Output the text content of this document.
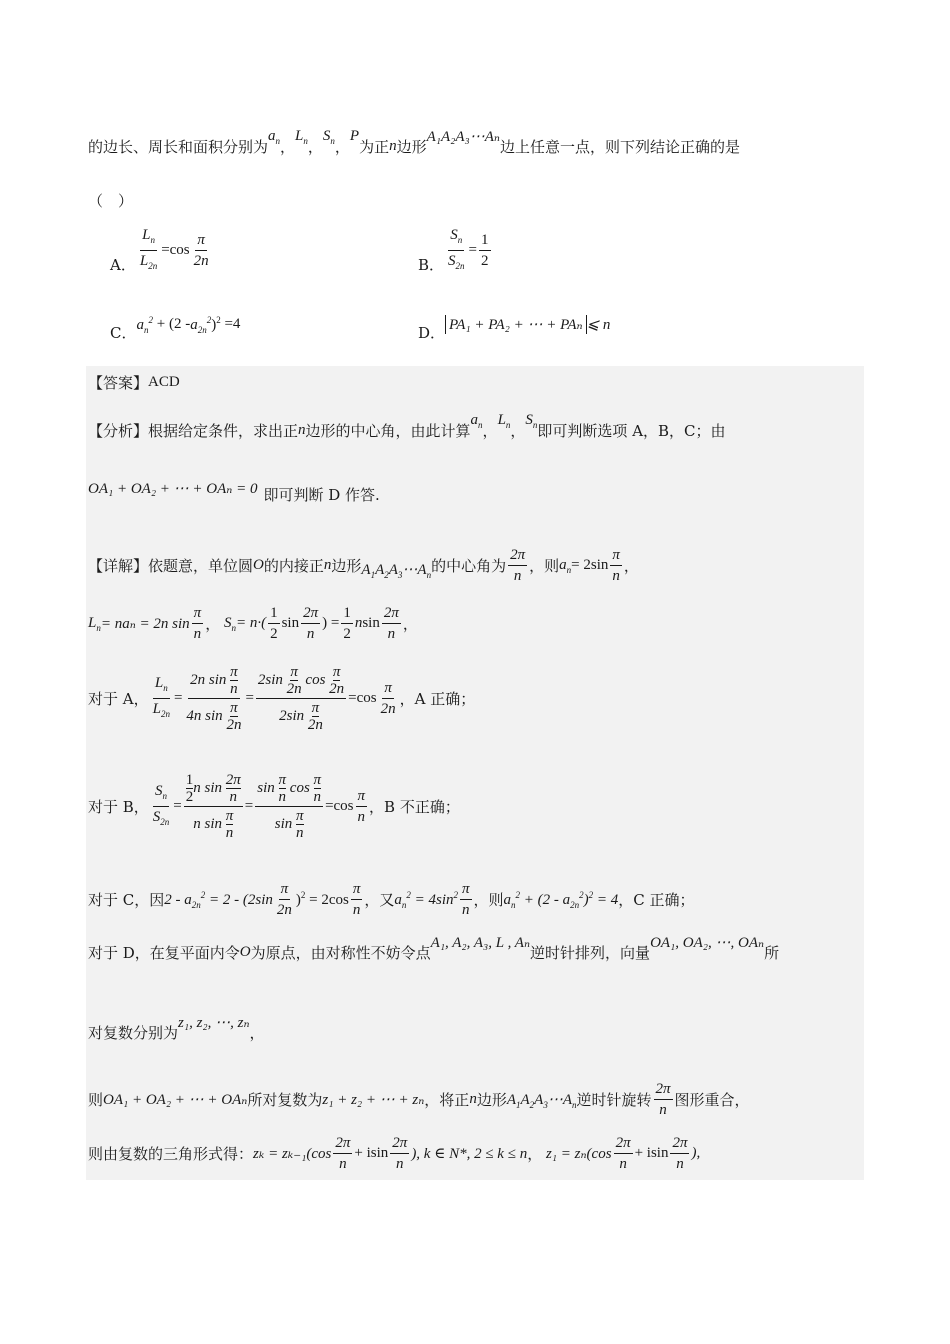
的边长、周长和面积分别为
$a_n$ ，
$L_n$ ，
$S_n$ ，
P
为正 n 边形
A₁A₂A₃⋯Aₙ
边上任意一点，则下列结论正确的是
（　）
A． $\frac{L_n}{L_{2n}} =\cos \frac{\pi}{2n}$	B． $\frac{S_n}{S_{2n}} = \frac{1}{2}$
C． $a_n^2 + (2 - a_{2n}^2$ )$^2$ =4	D． PA₁ + PA₂ + ⋯ + PAₙ ⩽ n
【答案】 ACD
【分析】 根据给定条件，求出正 n 边形的中心角，由此计算
$a_n$ ，
$L_n$ ，
$S_n$ 即可判断选项 A，B，C；由
OA₁ + OA₂ + ⋯ + OAₙ = 0 即可判断 D 作答.
【详解】 依题意，单位圆 O 的内接正 n 边形 $A_1A_2A_3\cdots A_n$ 的中心角为 $\frac{2\pi}{n}$ ，则 $a_n = 2\sin \frac{\pi}{n}$ ，
$L_n = na_n = 2n$ $\sin \frac{\pi}{n}$ ， $S_n = n\cdot( \frac{1}{2}$ $\sin \frac{2\pi}{n}$ ) = $\frac{1}{2}$ n $\sin \frac{2\pi}{n}$ ，
对于 A， $\frac{L_n}{L_{2n}} = \frac{2n \sin \frac{\pi}{n}}{4n \sin \frac{\pi}{2n}} = \frac{2\sin \frac{\pi}{2n} \cos \frac{\pi}{2n}}{2\sin \frac{\pi}{2n}} =\cos \frac{\pi}{2n}$ ，A 正确；
对于 B， $\frac{S_n}{S_{2n}} = \frac{\frac{1}{2} n \sin \frac{2\pi}{n}}{n \sin \frac{\pi}{n}} = \frac{\sin \frac{\pi}{n} \cos \frac{\pi}{n}}{\sin \frac{\pi}{n}} =\cos \frac{\pi}{n}$ ，B 不正确；
对于 C，因 $2 - a_{2n}^2 = 2 - (2\sin \frac{\pi}{2n} )^2 = 2\cos \frac{\pi}{n}$ ，又 $a_n^2 = 4\sin^2 \frac{\pi}{n}$ ，则 $a_n^2 + (2 - a_{2n}^2)^2 = 4$ ，C 正确；
对于 D，在复平面内令 O 为原点，由对称性不妨令点
A₁, A₂, A₃, L , Aₙ
逆时针排列，向量
OA₁, OA₂, ⋯, OAₙ
所
对复数分别为
z₁, z₂, ⋯, zₙ
，
则 OA₁ + OA₂ + ⋯ + OAₙ 所对复数为 z₁ + z₂ + ⋯ + zₙ ，将正 n 边形 $A_1A_2A_3\cdots A_n$ 逆时针旋转 $\frac{2\pi}{n}$ 图形重合，
则由复数的三角形式得： $z_k = z_{k-1}(\cos \frac{2\pi}{n} + isin \frac{2\pi}{n}$ ), k ∈ N*, 2 ≤ k ≤ n ， $z_1 = z_n(\cos \frac{2\pi}{n} + isin \frac{2\pi}{n}$ ),
